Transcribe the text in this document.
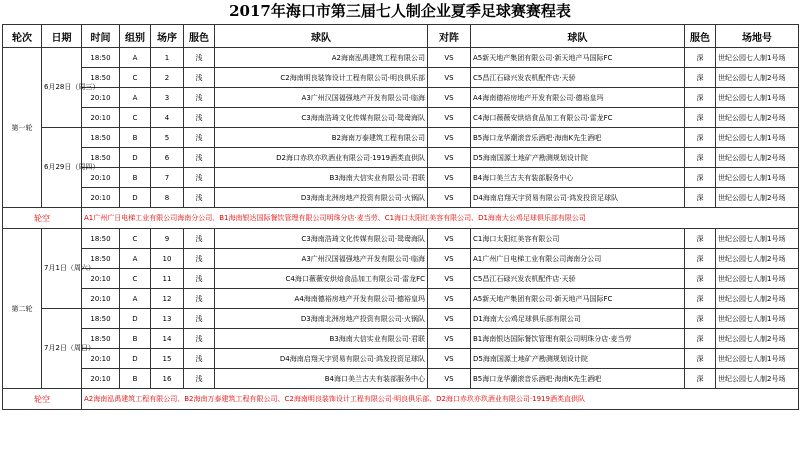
2017年海口市第三届七人制企业夏季足球赛赛程表
轮次	日期	时间	组别	场序	服色	球队	对阵	球队	服色	场地号
第一轮	6月28日（周三）	18:50	A	1	浅	A2海南泓禹建筑工程有限公司	VS	A5新天地产集团有限公司·新天地产马国际FC	深	世纪公园七人制1号场
		18:50	C	2	浅	C2海南明良装饰设计工程有限公司·明良俱乐部	VS	C5昌江石碌兴发农机配件店·天骄	深	世纪公园七人制2号场
		20:10	A	3	浅	A3广州汉国福强地产开发有限公司·临海	VS	A4海南德裕房地产开发有限公司·德裕皇玛	深	世纪公园七人制1号场
		20:10	C	4	浅	C3海南浩琦文化传媒有限公司·鸳鸯海队	VS	C4海口薇薇安烘焙食品加工有限公司·雷龙FC	深	世纪公园七人制2号场
	6月29日（周四）	18:50	B	5	浅	B2海南万泰建筑工程有限公司	VS	B5海口龙华潮滚音乐酒吧·海南K先生酒吧	深	世纪公园七人制1号场
		18:50	D	6	浅	D2海口赤玖亦玖酒业有限公司·1919酒类直供队	VS	D5海南国源土地矿产勘测规划设计院	深	世纪公园七人制2号场
		20:10	B	7	浅	B3海南大信实业有限公司·君联	VS	B4海口美兰古夫有装部服务中心	深	世纪公园七人制1号场
		20:10	D	8	浅	D3海南北洲房地产投资有限公司·火锅队	VS	D4海南启翔天宇贸易有限公司·鸿发投资足球队	深	世纪公园七人制2号场
轮空		A1广州广日电梯工业有限公司海南分公司、B1海南银达国际餐饮管理有限公司明珠分店·麦当劳、C1海口太阳红美容有限公司、D1海南大公鸡足球俱乐部有限公司								
第二轮	7月1日（周六）	18:50	C	9	浅	C3海南浩琦文化传媒有限公司·鸳鸯海队	VS	C1海口太阳红美容有限公司	深	世纪公园七人制1号场
		18:50	A	10	浅	A3广州汉国福强地产开发有限公司·临海	VS	A1广州广日电梯工业有限公司海南分公司	深	世纪公园七人制2号场
		20:10	C	11	浅	C4海口薇薇安烘焙食品加工有限公司·雷龙FC	VS	C5昌江石碌兴发农机配件店·天骄	深	世纪公园七人制1号场
		20:10	A	12	浅	A4海南德裕房地产开发有限公司·德裕皇玛	VS	A5新天地产集团有限公司·新天地产马国际FC	深	世纪公园七人制2号场
	7月2日（周日）	18:50	D	13	浅	D3海南北洲房地产投资有限公司·火锅队	VS	D1海南大公鸡足球俱乐部有限公司	深	世纪公园七人制1号场
		18:50	B	14	浅	B3海南大信实业有限公司·君联	VS	B1海南银达国际餐饮管理有限公司明珠分店·麦当劳	深	世纪公园七人制2号场
		20:10	D	15	浅	D4海南启翔天宇贸易有限公司·鸿发投资足球队	VS	D5海南国源土地矿产勘测规划设计院	深	世纪公园七人制1号场
		20:10	B	16	浅	B4海口美兰古夫有装部服务中心	VS	B5海口龙华潮滚音乐酒吧·海南K先生酒吧	深	世纪公园七人制2号场
轮空		A2海南泓禹建筑工程有限公司、B2海南万泰建筑工程有限公司、C2海南明良装饰设计工程有限公司·明良俱乐部、D2海口赤玖亦玖酒业有限公司·1919酒类直供队								
